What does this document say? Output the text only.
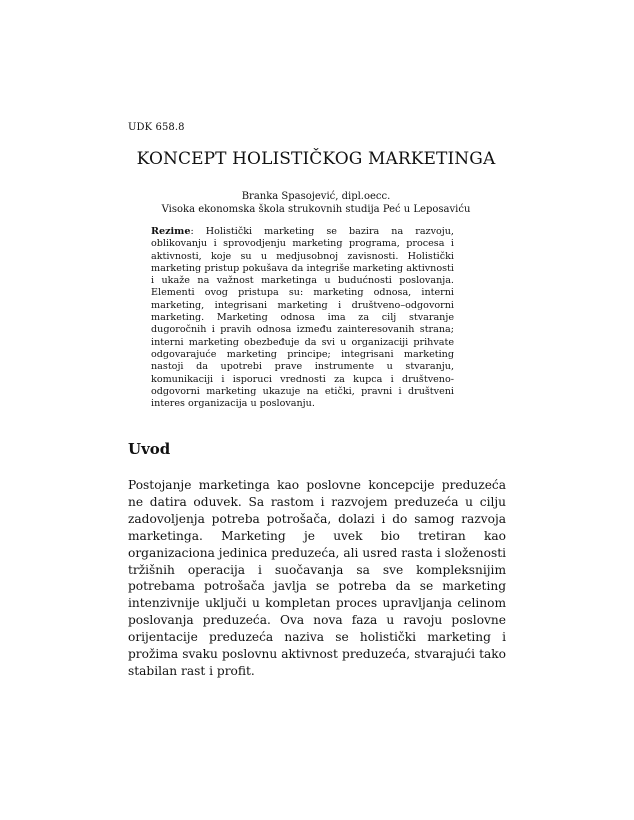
UDK 658.8
KONCEPT HOLISTIČKOG MARKETINGA
Branka Spasojević, dipl.oecc.
Visoka ekonomska škola strukovnih studija Peć u Leposaviću

Rezime: Holistički marketing se bazira na razvoju, oblikovanju i sprovodjenju marketing programa, procesa i aktivnosti, koje su u medjusobnoj zavisnosti. Holistički marketing pristup pokušava da integriše marketing aktivnosti i ukaže na važnost marketinga u budućnosti poslovanja. Elementi ovog pristupa su: marketing odnosa, interni marketing, integrisani marketing i društveno–odgovorni marketing. Marketing odnosa ima za cilj stvaranje dugoročnih i pravih odnosa između zainteresovanih strana; interni marketing obezbeđuje da svi u organizaciji prihvate odgovarajuće marketing principe; integrisani marketing nastoji da upotrebi prave instrumente u stvaranju, komunikaciji i isporuci vrednosti za kupca i društveno-odgovorni marketing ukazuje na etički, pravni i društveni interes organizacija u poslovanju.

Uvod

Postojanje marketinga kao poslovne koncepcije preduzeća ne datira oduvek. Sa rastom i razvojem preduzeća u cilju zadovoljenja potreba potrošača, dolazi i do samog razvoja marketinga. Marketing je uvek bio tretiran kao organizaciona jedinica preduzeća, ali usred rasta i složenosti tržišnih operacija i suočavanja sa sve kompleksnijim potrebama potrošača javlja se potreba da se marketing intenzivnije uključi u kompletan proces upravljanja celinom poslovanja preduzeća. Ova nova faza u ravoju poslovne orijentacije preduzeća naziva se holistički marketing i prožima svaku poslovnu aktivnost preduzeća, stvarajući tako stabilan rast i profit.
